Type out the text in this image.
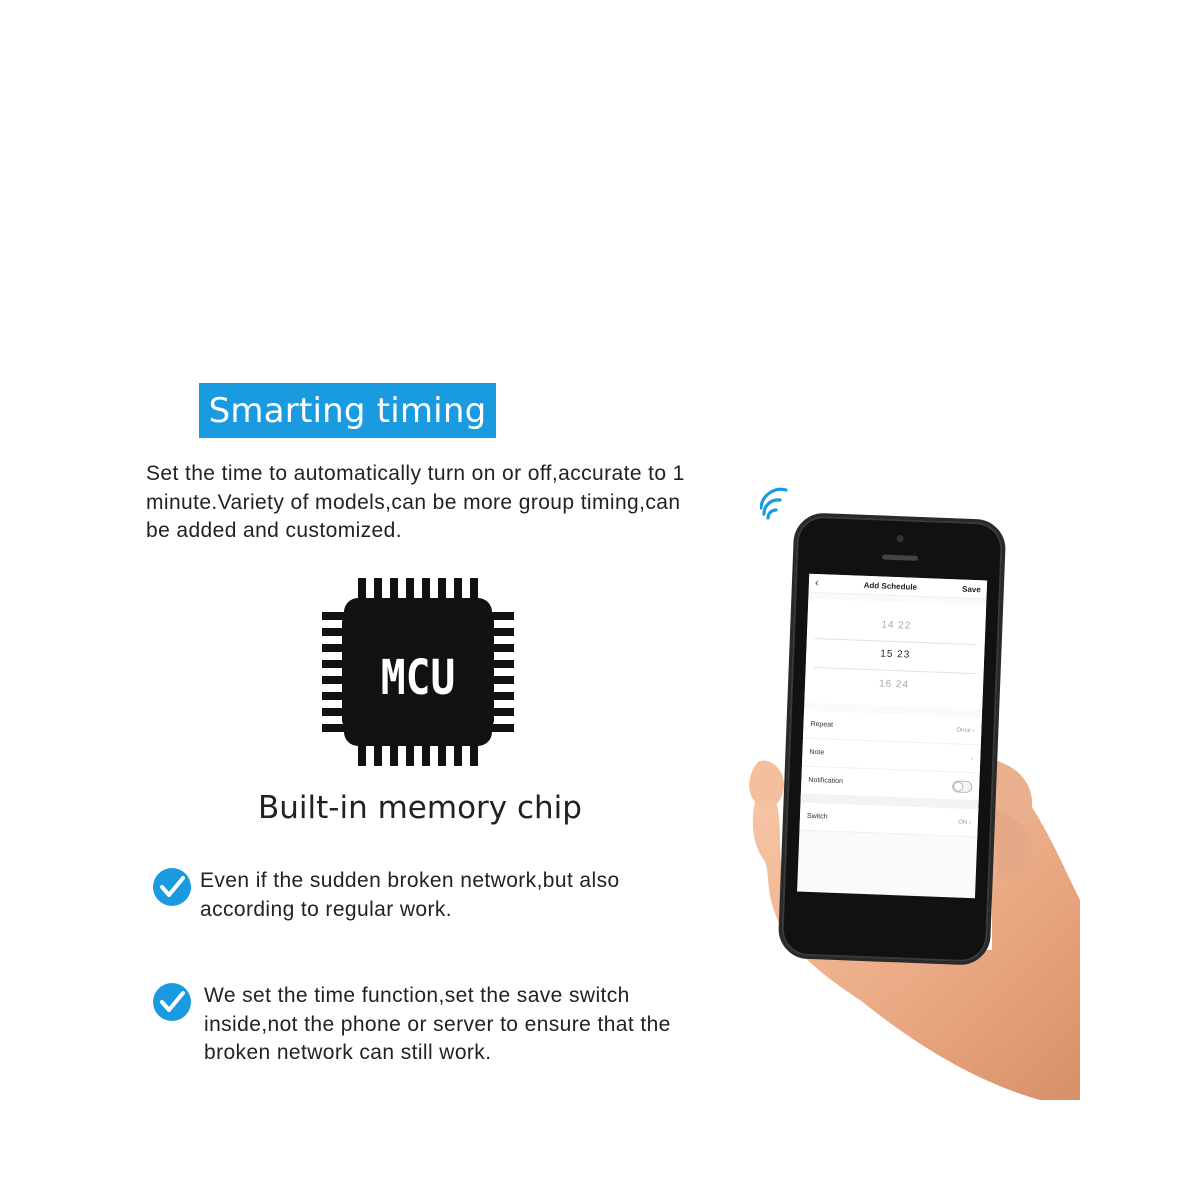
Smarting timing
Set the time to automatically turn on or off,accurate to 1 minute.Variety of models,can be more group timing,can be added and customized.
MCU
Built-in memory chip
Even if the sudden broken network,but also according to regular work.
We set the time function,set the save switch inside,not the phone or server to ensure that the broken network can still work.
‹	Add Schedule	Save
14 22
15 23
16 24
Repeat
Once ›
Note
›
Notification
Switch
ON ›
